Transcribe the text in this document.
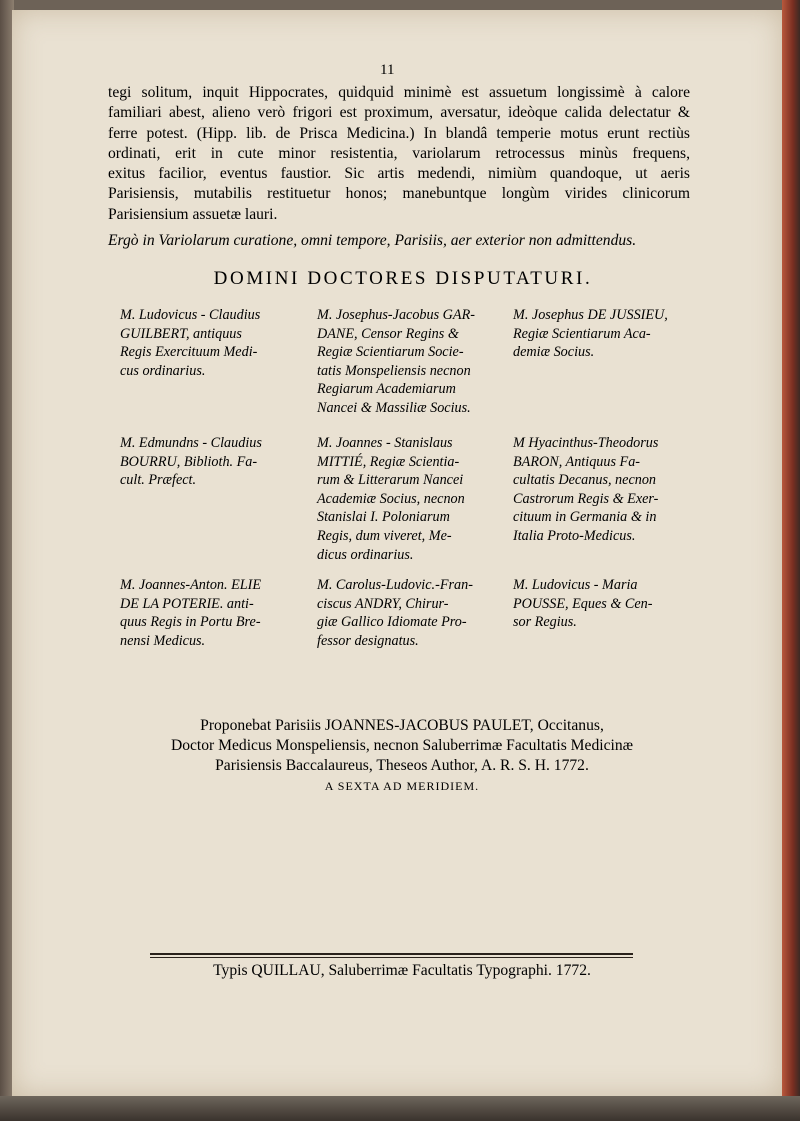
11
tegi solitum, inquit Hippocrates, quidquid minimè est assuetum longissimè à calore
familiari abest, alieno verò frigori est proximum, aversatur, ideòque calida delectatur &
ferre potest. (Hipp. lib. de Prisca Medicina.) In blandâ temperie motus erunt rectiùs
ordinati, erit in cute minor resistentia, variolarum retrocessus minùs frequens,
exitus facilior, eventus faustior. Sic artis medendi, nimiùm quandoque, ut aeris
Parisiensis, mutabilis restituetur honos; manebuntque longùm virides clinicorum
Parisiensium assuetæ lauri.
Ergò in Variolarum curatione, omni tempore, Parisiis, aer exterior non admittendus.
DOMINI DOCTORES DISPUTATURI.
M. Ludovicus - Claudius
GUILBERT, antiquus
Regis Exercituum Medi-
cus ordinarius.
M. Josephus-Jacobus GAR-
DANE, Censor Regins &
Regiæ Scientiarum Socie-
tatis Monspeliensis necnon
Regiarum Academiarum
Nancei & Massiliæ Socius.
M. Josephus DE JUSSIEU,
Regiæ Scientiarum Aca-
demiæ Socius.
M. Edmundns - Claudius
BOURRU, Biblioth. Fa-
cult. Præfect.
M. Joannes - Stanislaus
MITTIÉ, Regiæ Scientia-
rum & Litterarum Nancei
Academiæ Socius, necnon
Stanislai I. Poloniarum
Regis, dum viveret, Me-
dicus ordinarius.
M Hyacinthus-Theodorus
BARON, Antiquus Fa-
cultatis Decanus, necnon
Castrorum Regis & Exer-
cituum in Germania & in
Italia Proto-Medicus.
M. Joannes-Anton. ELIE
DE LA POTERIE. anti-
quus Regis in Portu Bre-
nensi Medicus.
M. Carolus-Ludovic.-Fran-
ciscus ANDRY, Chirur-
giæ Gallico Idiomate Pro-
fessor designatus.
M. Ludovicus - Maria
POUSSE, Eques & Cen-
sor Regius.
Proponebat Parisiis JOANNES-JACOBUS PAULET, Occitanus,
Doctor Medicus Monspeliensis, necnon Saluberrimæ Facultatis Medicinæ
Parisiensis Baccalaureus, Theseos Author, A. R. S. H. 1772.
A SEXTA AD MERIDIEM.
Typis QUILLAU, Saluberrimæ Facultatis Typographi. 1772.
